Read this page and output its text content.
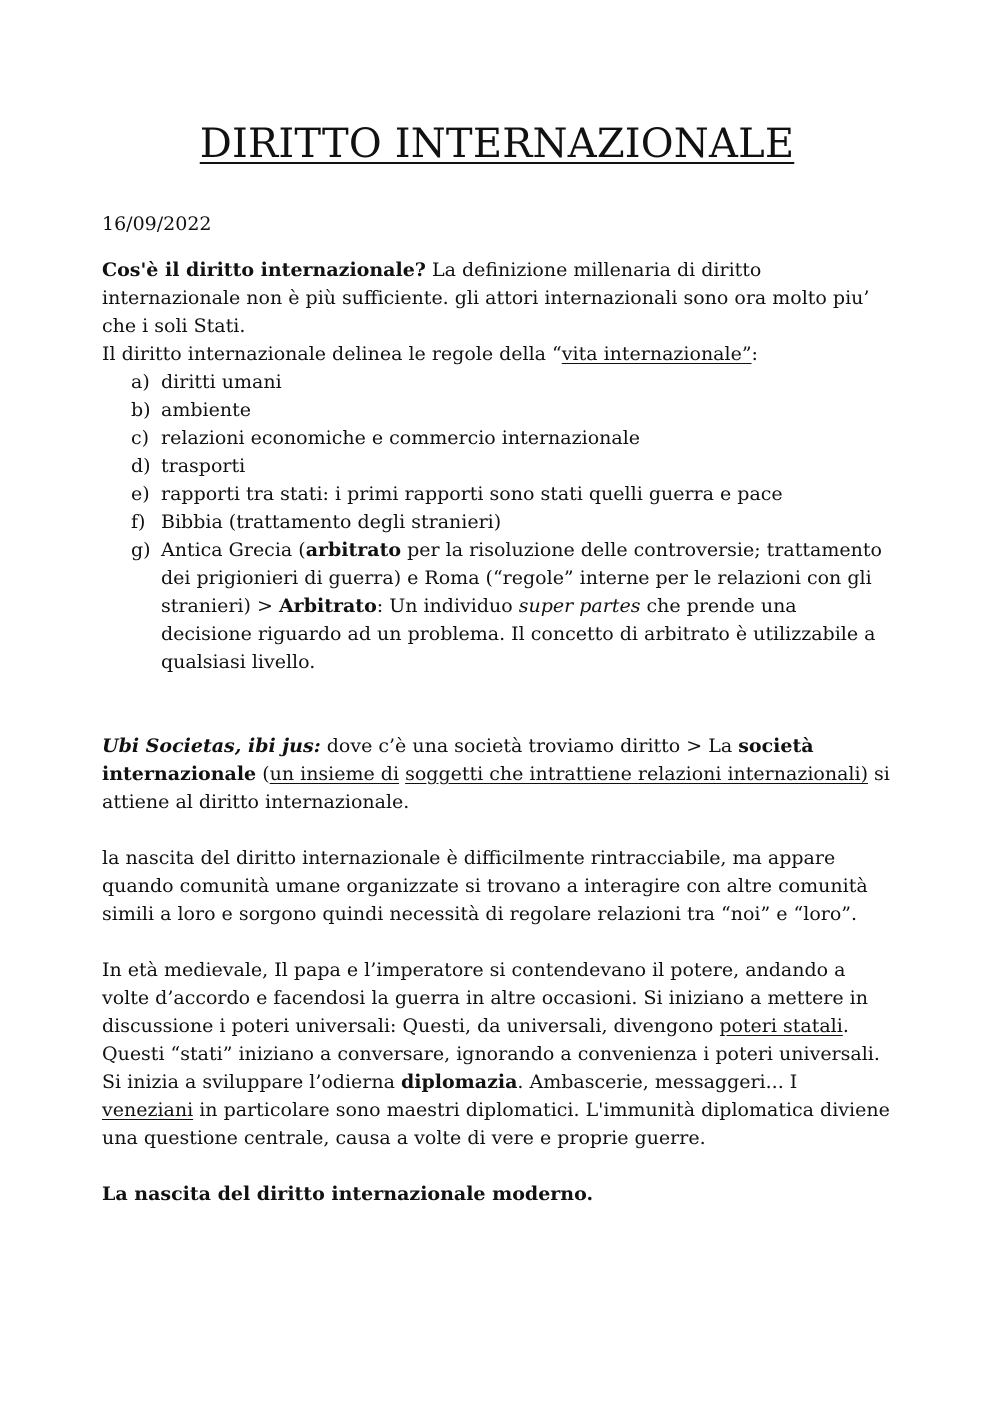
DIRITTO INTERNAZIONALE

16/09/2022

Cos'è il diritto internazionale? La definizione millenaria di diritto internazionale non è più sufficiente. gli attori internazionali sono ora molto piu’ che i soli Stati.

Il diritto internazionale delinea le regole della “vita internazionale”:

a) diritti umani
b) ambiente
c) relazioni economiche e commercio internazionale
d) trasporti
e) rapporti tra stati: i primi rapporti sono stati quelli guerra e pace
f) Bibbia (trattamento degli stranieri)
g) Antica Grecia (arbitrato per la risoluzione delle controversie; trattamento dei prigionieri di guerra) e Roma (“regole” interne per le relazioni con gli stranieri) > Arbitrato: Un individuo super partes che prende una decisione riguardo ad un problema. Il concetto di arbitrato è utilizzabile a qualsiasi livello.

Ubi Societas, ibi jus: dove c’è una società troviamo diritto > La società internazionale (un insieme di soggetti che intrattiene relazioni internazionali) si attiene al diritto internazionale.

la nascita del diritto internazionale è difficilmente rintracciabile, ma appare quando comunità umane organizzate si trovano a interagire con altre comunità simili a loro e sorgono quindi necessità di regolare relazioni tra “noi” e “loro”.

In età medievale, Il papa e l’imperatore si contendevano il potere, andando a volte d’accordo e facendosi la guerra in altre occasioni. Si iniziano a mettere in discussione i poteri universali: Questi, da universali, divengono poteri statali. Questi “stati” iniziano a conversare, ignorando a convenienza i poteri universali. Si inizia a sviluppare l’odierna diplomazia. Ambascerie, messaggeri... I veneziani in particolare sono maestri diplomatici. L'immunità diplomatica diviene una questione centrale, causa a volte di vere e proprie guerre.

La nascita del diritto internazionale moderno.
